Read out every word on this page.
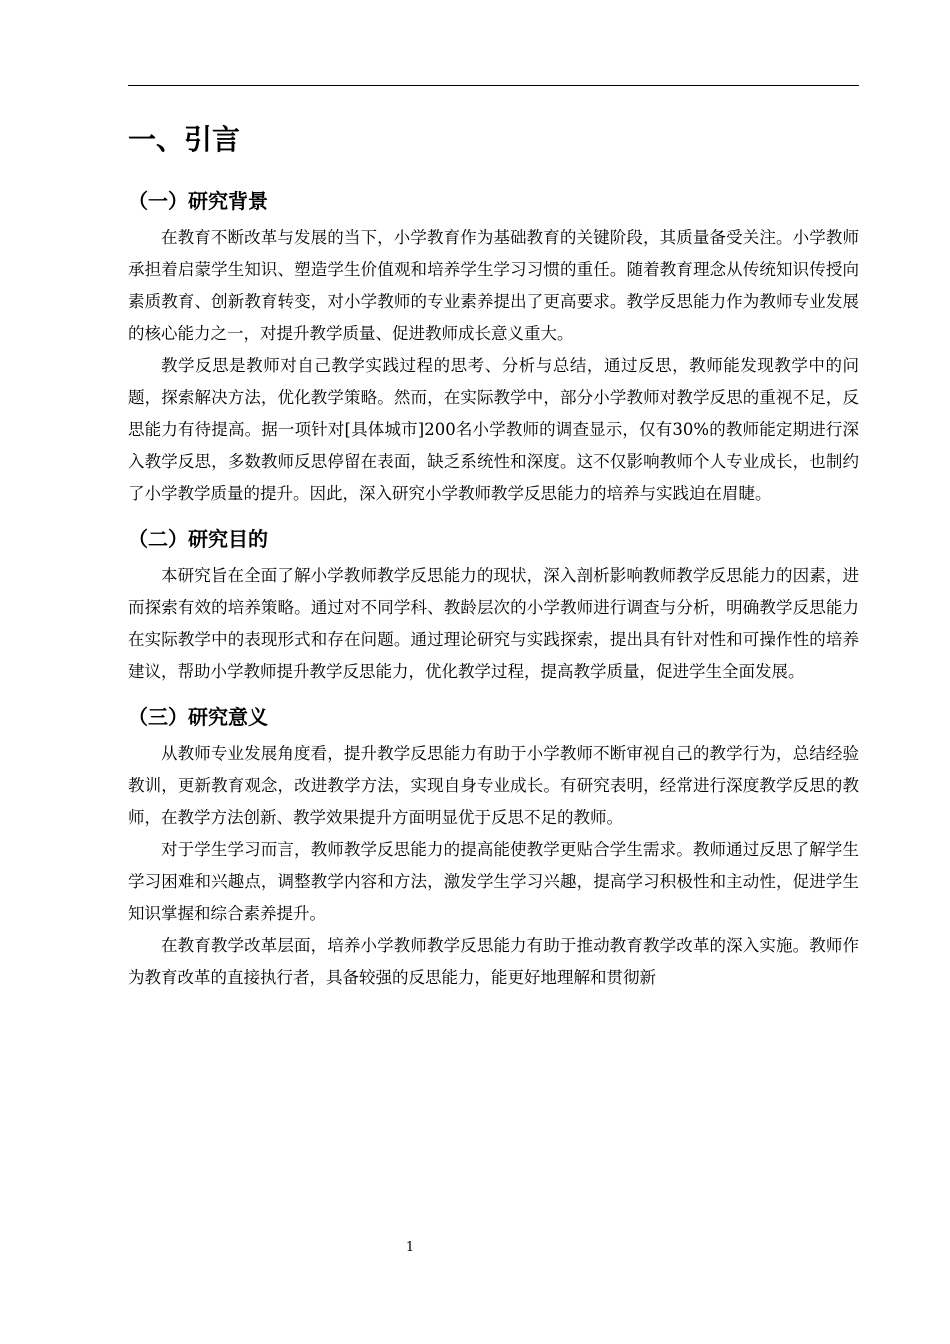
一、引言
（一）研究背景

在教育不断改革与发展的当下，小学教育作为基础教育的关键阶段，其质量备受关注。小学教师承担着启蒙学生知识、塑造学生价值观和培养学生学习习惯的重任。随着教育理念从传统知识传授向素质教育、创新教育转变，对小学教师的专业素养提出了更高要求。教学反思能力作为教师专业发展的核心能力之一，对提升教学质量、促进教师成长意义重大。

教学反思是教师对自己教学实践过程的思考、分析与总结，通过反思，教师能发现教学中的问题，探索解决方法，优化教学策略。然而，在实际教学中，部分小学教师对教学反思的重视不足，反思能力有待提高。据一项针对[具体城市]200名小学教师的调查显示，仅有30%的教师能定期进行深入教学反思，多数教师反思停留在表面，缺乏系统性和深度。这不仅影响教师个人专业成长，也制约了小学教学质量的提升。因此，深入研究小学教师教学反思能力的培养与实践迫在眉睫。

（二）研究目的

本研究旨在全面了解小学教师教学反思能力的现状，深入剖析影响教师教学反思能力的因素，进而探索有效的培养策略。通过对不同学科、教龄层次的小学教师进行调查与分析，明确教学反思能力在实际教学中的表现形式和存在问题。通过理论研究与实践探索，提出具有针对性和可操作性的培养建议，帮助小学教师提升教学反思能力，优化教学过程，提高教学质量，促进学生全面发展。

（三）研究意义

从教师专业发展角度看，提升教学反思能力有助于小学教师不断审视自己的教学行为，总结经验教训，更新教育观念，改进教学方法，实现自身专业成长。有研究表明，经常进行深度教学反思的教师，在教学方法创新、教学效果提升方面明显优于反思不足的教师。

对于学生学习而言，教师教学反思能力的提高能使教学更贴合学生需求。教师通过反思了解学生学习困难和兴趣点，调整教学内容和方法，激发学生学习兴趣，提高学习积极性和主动性，促进学生知识掌握和综合素养提升。

在教育教学改革层面，培养小学教师教学反思能力有助于推动教育教学改革的深入实施。教师作为教育改革的直接执行者，具备较强的反思能力，能更好地理解和贯彻新

1
